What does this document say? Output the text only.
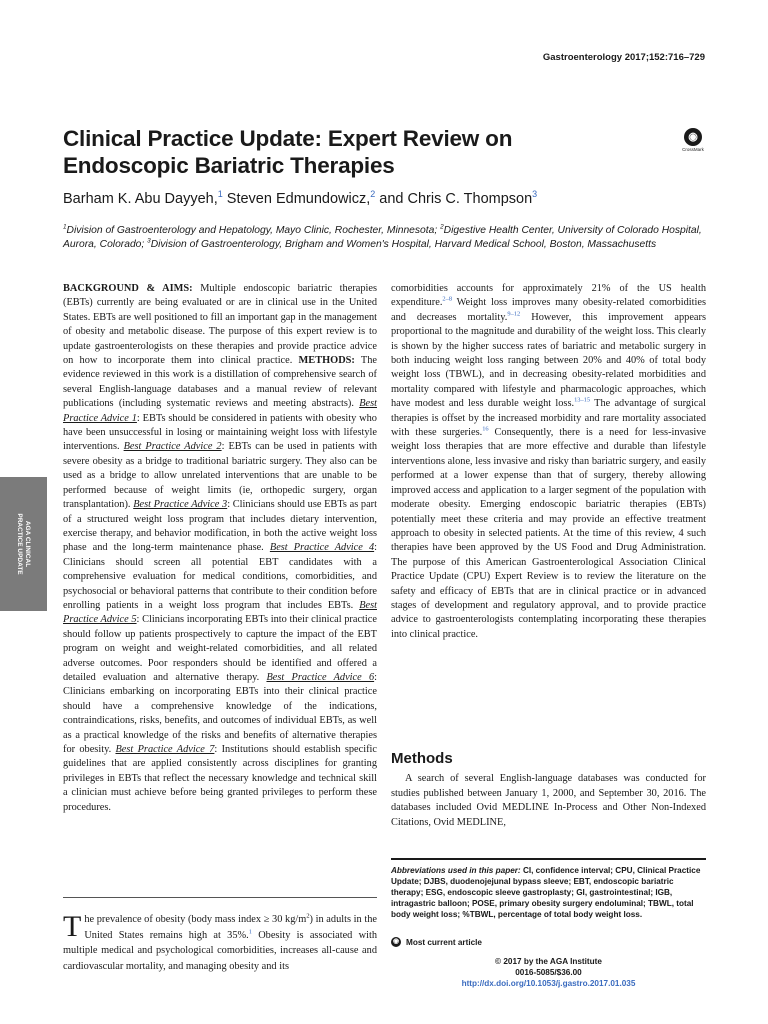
Gastroenterology 2017;152:716–729
Clinical Practice Update: Expert Review on Endoscopic Bariatric Therapies
◉
CrossMark
Barham K. Abu Dayyeh,$^1$ Steven Edmundowicz,$^2$ and Chris C. Thompson$^3$
$^1$Division of Gastroenterology and Hepatology, Mayo Clinic, Rochester, Minnesota; $^2$Digestive Health Center, University of Colorado Hospital, Aurora, Colorado; $^3$Division of Gastroenterology, Brigham and Women's Hospital, Harvard Medical School, Boston, Massachusetts
AGA CLINICAL
PRACTICE UPDATE
BACKGROUND & AIMS: Multiple endoscopic bariatric therapies (EBTs) currently are being evaluated or are in clinical use in the United States. EBTs are well positioned to fill an important gap in the management of obesity and metabolic disease. The purpose of this expert review is to update gastroenterologists on these therapies and provide practice advice on how to incorporate them into clinical practice. METHODS: The evidence reviewed in this work is a distillation of comprehensive search of several English-language databases and a manual review of relevant publications (including systematic reviews and meeting abstracts). Best Practice Advice 1: EBTs should be considered in patients with obesity who have been unsuccessful in losing or maintaining weight loss with lifestyle interventions. Best Practice Advice 2: EBTs can be used in patients with severe obesity as a bridge to traditional bariatric surgery. They also can be used as a bridge to allow unrelated interventions that are unable to be performed because of weight limits (ie, orthopedic surgery, organ transplantation). Best Practice Advice 3: Clinicians should use EBTs as part of a structured weight loss program that includes dietary intervention, exercise therapy, and behavior modification, in both the active weight loss phase and the long-term maintenance phase. Best Practice Advice 4: Clinicians should screen all potential EBT candidates with a comprehensive evaluation for medical conditions, comorbidities, and psychosocial or behavioral patterns that contribute to their condition before enrolling patients in a weight loss program that includes EBTs. Best Practice Advice 5: Clinicians incorporating EBTs into their clinical practice should follow up patients prospectively to capture the impact of the EBT program on weight and weight-related comorbidities, and all related adverse outcomes. Poor responders should be identified and offered a detailed evaluation and alternative therapy. Best Practice Advice 6: Clinicians embarking on incorporating EBTs into their clinical practice should have a comprehensive knowledge of the indications, contraindications, risks, benefits, and outcomes of individual EBTs, as well as a practical knowledge of the risks and benefits of alternative therapies for obesity. Best Practice Advice 7: Institutions should establish specific guidelines that are applied consistently across disciplines for granting privileges in EBTs that reflect the necessary knowledge and technical skill a clinician must achieve before being granted privileges to perform these procedures.
T he prevalence of obesity (body mass index ≥ 30 $kg/m^2$) in adults in the United States remains high at 35%.$^1$ Obesity is associated with multiple medical and psychological comorbidities, increases all-cause and cardiovascular mortality, and managing obesity and its
comorbidities accounts for approximately 21% of the US health expenditure.$^{2-8}$ Weight loss improves many obesity-related comorbidities and decreases mortality.$^{9-12}$ However, this improvement appears proportional to the magnitude and durability of the weight loss. This clearly is shown by the higher success rates of bariatric and metabolic surgery in both inducing weight loss ranging between 20% and 40% of total body weight loss (TBWL), and in decreasing obesity-related morbidities and mortality compared with lifestyle and pharmacologic approaches, which have modest and less durable weight loss.$^{13-15}$ The advantage of surgical therapies is offset by the increased morbidity and rare mortality associated with these surgeries.$^{16}$ Consequently, there is a need for less-invasive weight loss therapies that are more effective and durable than lifestyle interventions alone, less invasive and risky than bariatric surgery, and easily performed at a lower expense than that of surgery, thereby allowing improved access and application to a larger segment of the population with moderate obesity. Emerging endoscopic bariatric therapies (EBTs) potentially meet these criteria and may provide an effective treatment approach to obesity in selected patients. At the time of this review, 4 such therapies have been approved by the US Food and Drug Administration. The purpose of this American Gastroenterological Association Clinical Practice Update (CPU) Expert Review is to review the literature on the safety and efficacy of EBTs that are in clinical practice or in advanced stages of development and regulatory approval, and to provide practice advice to gastroenterologists contemplating incorporating these therapies into clinical practice.
Methods
A search of several English-language databases was conducted for studies published between January 1, 2000, and September 30, 2016. The databases included Ovid MEDLINE In-Process and Other Non-Indexed Citations, Ovid MEDLINE,
Abbreviations used in this paper: CI, confidence interval; CPU, Clinical Practice Update; DJBS, duodenojejunal bypass sleeve; EBT, endoscopic bariatric therapy; ESG, endoscopic sleeve gastroplasty; GI, gastrointestinal; IGB, intragastric balloon; POSE, primary obesity surgery endoluminal; TBWL, total body weight loss; %TBWL, percentage of total body weight loss.
◉ Most current article
© 2017 by the AGA Institute
0016-5085/$36.00
http://dx.doi.org/10.1053/j.gastro.2017.01.035
